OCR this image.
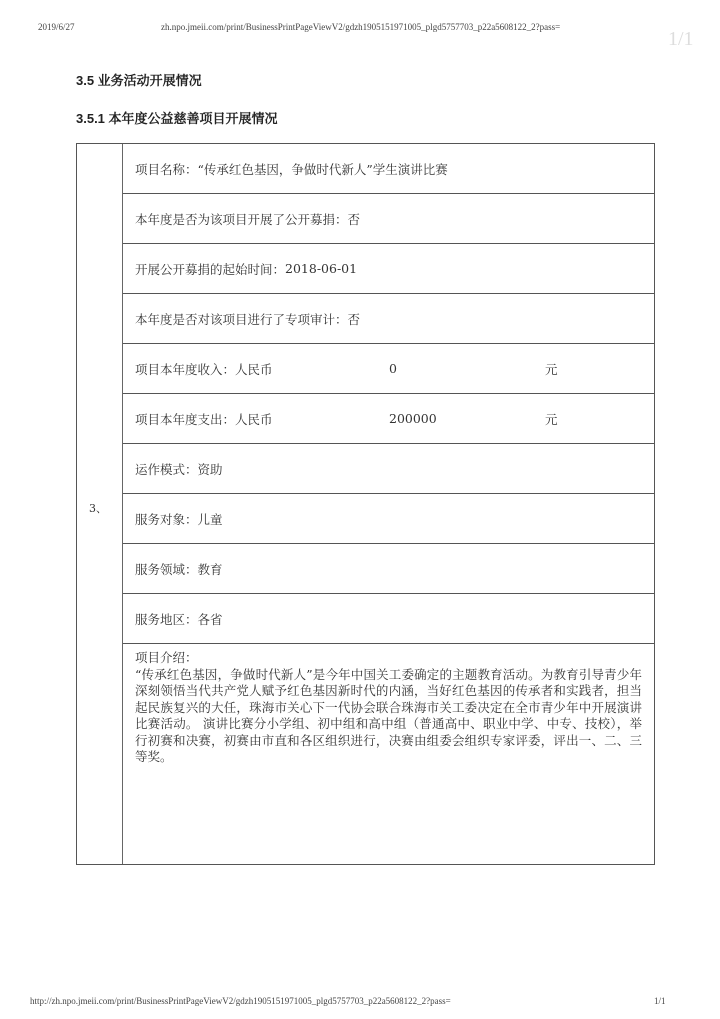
2019/6/27	zh.npo.jmeii.com/print/BusinessPrintPageViewV2/gdzh1905151971005_plgd5757703_p22a5608122_2?pass=
1/1
3.5 业务活动开展情况
3.5.1 本年度公益慈善项目开展情况
3、
项目名称： “传承红色基因，争做时代新人”学生演讲比赛
本年度是否为该项目开展了公开募捐： 否
开展公开募捐的起始时间： 2018-06-01
本年度是否对该项目进行了专项审计： 否
项目本年度收入：人民币	0	元
项目本年度支出：人民币	200000	元
运作模式： 资助
服务对象： 儿童
服务领域： 教育
服务地区： 各省

项目介绍：

“传承红色基因，争做时代新人”是今年中国关工委确定的主题教育活动。为教育引导青少年深刻领悟当代共产党人赋予红色基因新时代的内涵，当好红色基因的传承者和实践者，担当起民族复兴的大任，珠海市关心下一代协会联合珠海市关工委决定在全市青少年中开展演讲比赛活动。 演讲比赛分小学组、初中组和高中组（普通高中、职业中学、中专、技校），举行初赛和决赛，初赛由市直和各区组织进行，决赛由组委会组织专家评委，评出一、二、三等奖。

http://zh.npo.jmeii.com/print/BusinessPrintPageViewV2/gdzh1905151971005_plgd5757703_p22a5608122_2?pass=	1/1
